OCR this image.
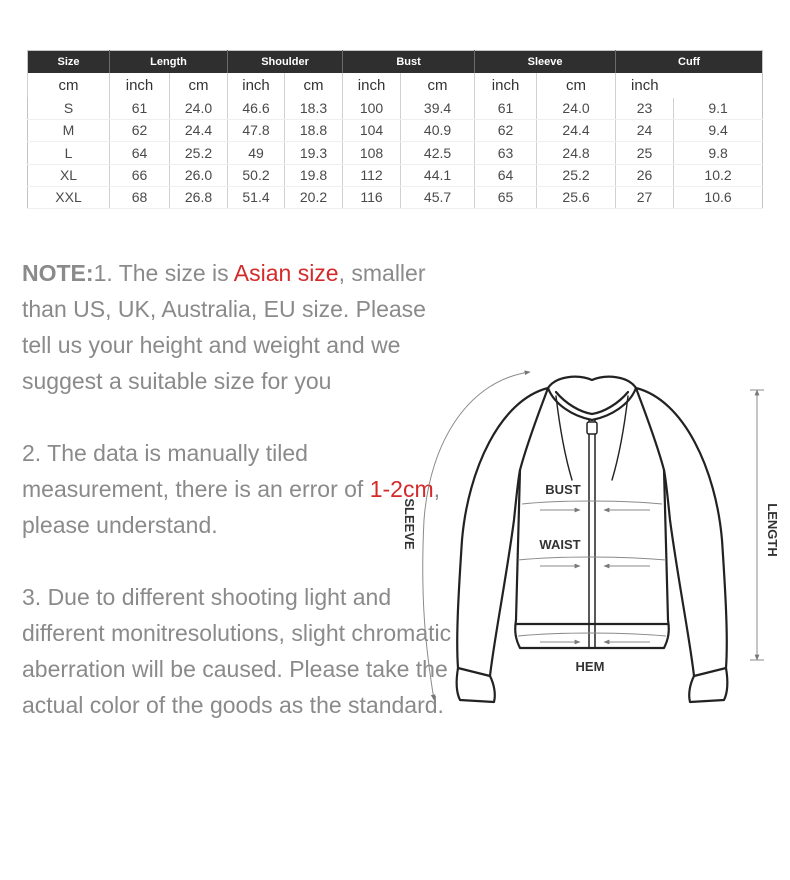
Size	Length		Shoulder		Bust		Sleeve		Cuff	
cm	inch	cm	inch	cm	inch	cm	inch	cm	inch	
S	61	24.0	46.6	18.3	100	39.4	61	24.0	23	9.1
M	62	24.4	47.8	18.8	104	40.9	62	24.4	24	9.4
L	64	25.2	49	19.3	108	42.5	63	24.8	25	9.8
XL	66	26.0	50.2	19.8	112	44.1	64	25.2	26	10.2
XXL	68	26.8	51.4	20.2	116	45.7	65	25.6	27	10.6

NOTE:1. The size is Asian size, smaller than US, UK, Australia, EU size. Please tell us your height and weight and we suggest a suitable size for you

2. The data is manually tiled measurement, there is an error of 1-2cm, please understand.

3. Due to different shooting light and different monitresolutions, slight chromatic aberration will be caused. Please take the actual color of the goods as the standard.

BUST
WAIST
HEM
SLEEVE	LENGTH
